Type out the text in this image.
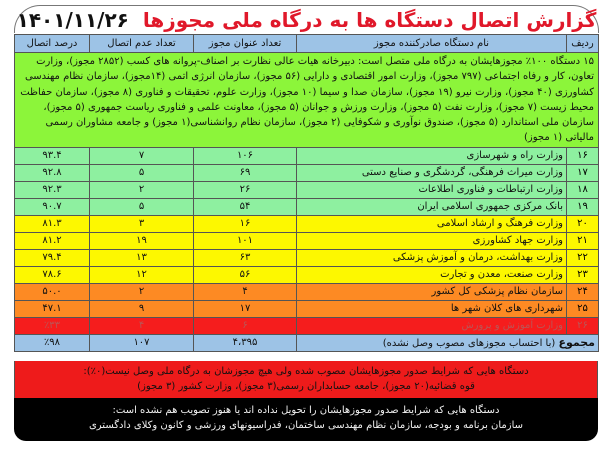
گزارش اتصال دستگاه ها به درگاه ملی مجوزها
۱۴۰۱/۱۱/۲۶
ردیف	نام دستگاه صادرکننده مجوز	تعداد عنوان مجوز	تعداد عدم اتصال	درصد اتصال
۱۵ دستگاه ۱۰۰٪ مجوزهایشان به درگاه ملی متصل است: دبیرخانه هیات عالی نظارت بر اصناف-پروانه های کسب (۲۸۵۲ مجوز)، وزارت تعاون، کار و رفاه اجتماعی (۷۹۷ مجوز)، وزارت امور اقتصادی و دارایی (۵۶ مجوز)، سازمان انرژی اتمی (۱۴مجوز)، سازمان نظام مهندسی کشاورزی (۴۰ مجوز)، وزارت نیرو (۱۹ مجوز)، سازمان صدا و سیما (۱۰ مجوز)، وزارت علوم، تحقیقات و فناوری (۸ مجوز)، سازمان حفاظت محیط زیست (۷ مجوز)، وزارت نفت (۵ مجوز)، وزارت ورزش و جوانان (۵ مجوز)، معاونت علمی و فناوری ریاست جمهوری (۵ مجوز)، سازمان ملی استاندارد (۵ مجوز)، صندوق نوآوری و شکوفایی (۲ مجوز)، سازمان نظام روانشناسی(۱ مجوز) و جامعه مشاوران رسمی مالیاتی (۱ مجوز)				
۱۶	وزارت راه و شهرسازی	۱۰۶	۷	۹۳.۴
۱۷	وزارت میراث فرهنگی، گردشگری و صنایع دستی	۶۹	۵	۹۲.۸
۱۸	وزارت ارتباطات و فناوری اطلاعات	۲۶	۲	۹۲.۳
۱۹	بانک مرکزی جمهوری اسلامی ایران	۵۴	۵	۹۰.۷
۲۰	وزارت فرهنگ و ارشاد اسلامی	۱۶	۳	۸۱.۳
۲۱	وزارت جهاد کشاورزی	۱۰۱	۱۹	۸۱.۲
۲۲	وزارت بهداشت، درمان و آموزش پزشکی	۶۳	۱۳	۷۹.۴
۲۳	وزارت صنعت، معدن و تجارت	۵۶	۱۲	۷۸.۶
۲۴	سازمان نظام پزشکی کل کشور	۴	۲	۵۰.۰
۲۵	شهرداری های کلان شهر ها	۱۷	۹	۴۷.۱
۲۶	وزارت آموزش و پرورش	۶	۴	٪۳۳
مجموع (با احتساب مجوزهای مصوب وصل نشده)		۴،۳۹۵	۱۰۷	٪۹۸
دستگاه هایی که شرایط صدور مجوزهایشان مصوب شده ولی هیچ مجوزشان به درگاه ملی وصل نیست(۰٪):
قوه قضائیه(۲۰ مجوز)، جامعه حسابداران رسمی(۳ مجوز)، وزارت کشور (۳ مجوز)
دستگاه هایی که شرایط صدور مجوزهایشان را تحویل نداده اند یا هنوز تصویب هم نشده است:
سازمان برنامه و بودجه، سازمان نظام مهندسی ساختمان، فدراسیونهای ورزشی و کانون وکلای دادگستری
